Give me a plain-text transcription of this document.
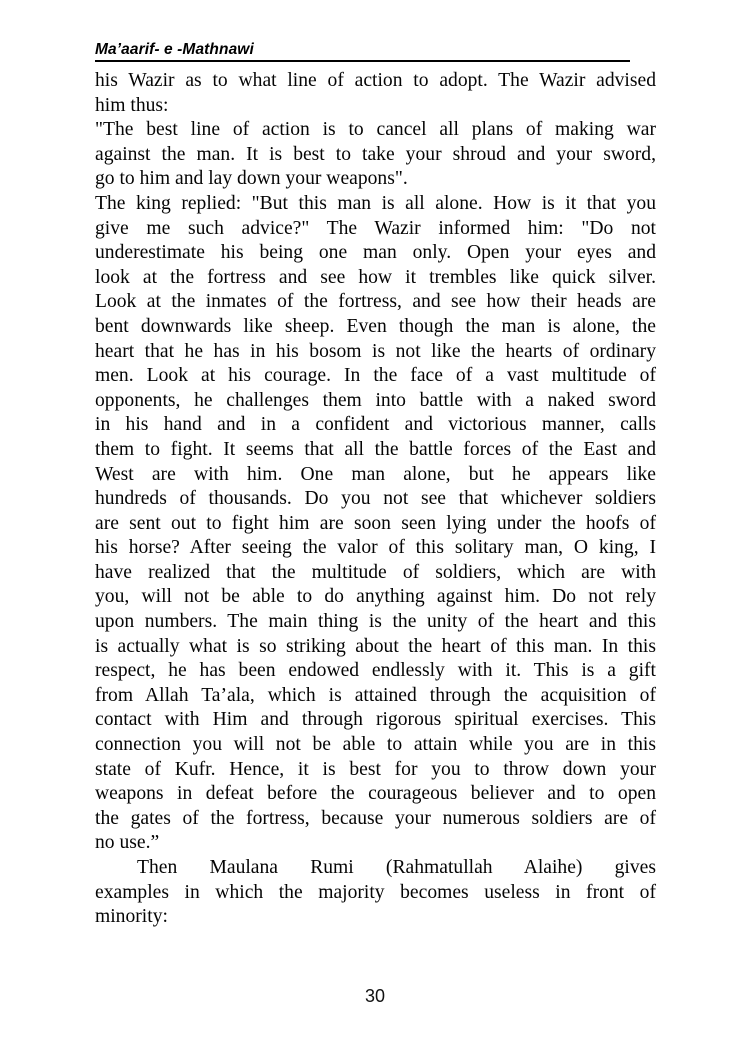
Ma’aarif- e -Mathnawi

his Wazir as to what line of action to adopt. The Wazir advised
him thus:

"The best line of action is to cancel all plans of making war
against the man. It is best to take your shroud and your sword,
go to him and lay down your weapons".

The king replied: "But this man is all alone. How is it that you
give me such advice?" The Wazir informed him: "Do not
underestimate his being one man only. Open your eyes and
look at the fortress and see how it trembles like quick silver.
Look at the inmates of the fortress, and see how their heads are
bent downwards like sheep. Even though the man is alone, the
heart that he has in his bosom is not like the hearts of ordinary
men. Look at his courage. In the face of a vast multitude of
opponents, he challenges them into battle with a naked sword
in his hand and in a confident and victorious manner, calls
them to fight. It seems that all the battle forces of the East and
West are with him. One man alone, but he appears like
hundreds of thousands. Do you not see that whichever soldiers
are sent out to fight him are soon seen lying under the hoofs of
his horse? After seeing the valor of this solitary man, O king, I
have realized that the multitude of soldiers, which are with
you, will not be able to do anything against him. Do not rely
upon numbers. The main thing is the unity of the heart and this
is actually what is so striking about the heart of this man. In this
respect, he has been endowed endlessly with it. This is a gift
from Allah Ta’ala, which is attained through the acquisition of
contact with Him and through rigorous spiritual exercises. This
connection you will not be able to attain while you are in this
state of Kufr. Hence, it is best for you to throw down your
weapons in defeat before the courageous believer and to open
the gates of the fortress, because your numerous soldiers are of
no use.”

Then Maulana Rumi (Rahmatullah Alaihe) gives
examples in which the majority becomes useless in front of
minority:

30
